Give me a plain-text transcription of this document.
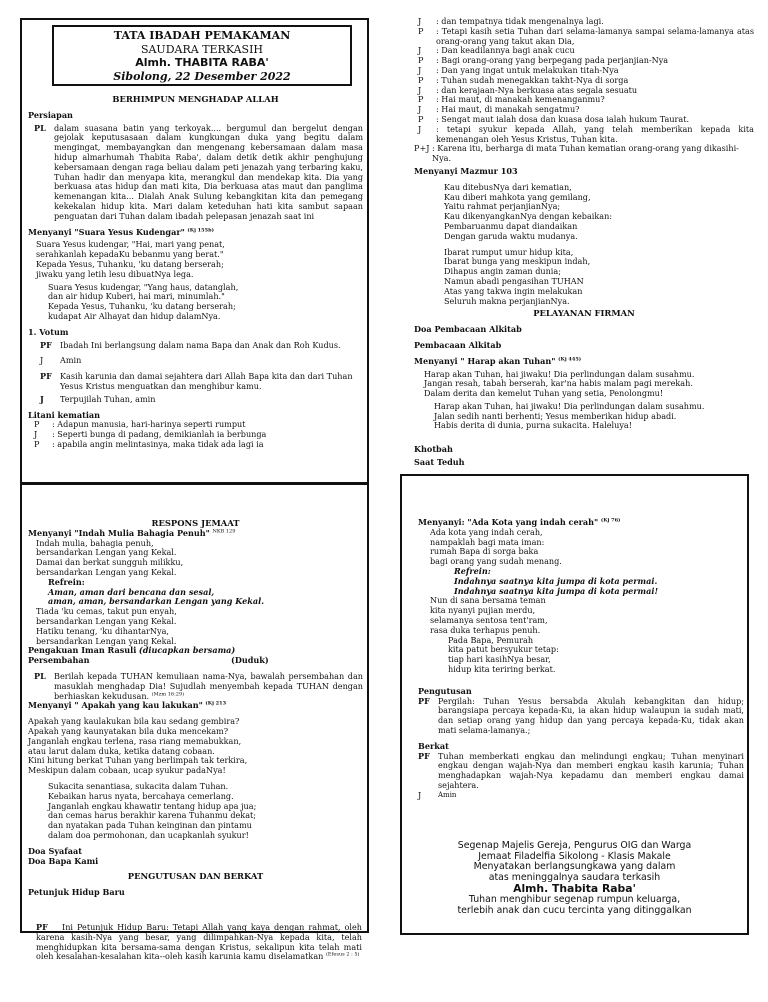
TATA IBADAH PEMAKAMAN
SAUDARA TERKASIH
Almh. THABITA RABA'
Sibolong, 22 Desember 2022
BERHIMPUN MENGHADAP ALLAH
Persiapan
PL	dalam suasana batin yang terkoyak.... bergumul dan bergelut dengan gejolak keputusasaan dalam kungkungan duka yang begitu dalam mengingat, membayangkan dan mengenang kebersamaan dalam masa hidup almarhumah Thabita Raba', dalam detik detik akhir penghujung kebersamaan dengan raga beliau dalam peti jenazah yang terbaring kaku, Tuhan hadir dan menyapa kita, merangkul dan mendekap kita. Dia yang berkuasa atas hidup dan mati kita, Dia berkuasa atas maut dan panglima kemenangan kita... Dialah Anak Sulung kebangkitan kita dan pemegang kekekalan hidup kita. Mari dalam keteduhan hati kita sambut sapaan penguatan dari Tuhan dalam ibadah pelepasan jenazah saat ini
Menyanyi "Suara Yesus Kudengar" $^{(Kj 155b)}$
Suara Yesus kudengar, "Hai, mari yang penat,
serahkanlah kepadaKu bebanmu yang berat."
Kepada Yesus, Tuhanku, 'ku datang berserah;
jiwaku yang letih lesu dibuatNya lega.
Suara Yesus kudengar, "Yang haus, datanglah,
dan air hidup Kuberi, hai mari, minumlah."
Kepada Yesus, Tuhanku, 'ku datang berserah;
kudapat Air Alhayat dan hidup dalamNya.
1. Votum
PF	Ibadah Ini berlangsung dalam nama Bapa dan Anak dan Roh Kudus.
J	Amin
PF	Kasih karunia dan damai sejahtera dari Allah Bapa kita dan dari Tuhan Yesus Kristus menguatkan dan menghibur kamu.
J	Terpujilah Tuhan, amin
Litani kematian
P	: Adapun manusia, hari-harinya seperti rumput
J	: Seperti bunga di padang, demikianlah ia berbunga
P	: apabila angin melintasinya, maka tidak ada lagi ia
J	: dan tempatnya tidak mengenalnya lagi.
P	: Tetapi kasih setia Tuhan dari selama-lamanya sampai selama-lamanya atas orang-orang yang takut akan Dia,
J	: Dan keadilannya bagi anak cucu
P	: Bagi orang-orang yang berpegang pada perjanjian-Nya
J	: Dan yang ingat untuk melakukan titah-Nya
P	: Tuhan sudah menegakkan takht-Nya di sorga
J	: dan kerajaan-Nya berkuasa atas segala sesuatu
P	: Hai maut, di manakah kemenanganmu?
J	: Hai maut, di manakah sengatmu?
P	: Sengat maut ialah dosa dan kuasa dosa ialah hukum Taurat.
J	: tetapi syukur kepada Allah, yang telah memberikan kepada kita kemenangan oleh Yesus Kristus, Tuhan kita.
P+J : Karena itu, berharga di mata Tuhan kematian orang-orang yang dikasihi-Nya.
Menyanyi Mazmur 103
Kau ditebusNya dari kematian,
Kau diberi mahkota yang gemilang,
Yaitu rahmat perjanjianNya;
Kau dikenyangkanNya dengan kebaikan:
Pembaruanmu dapat diandaikan
Dengan garuda waktu mudanya.
Ibarat rumput umur hidup kita,
Ibarat bunga yang meskipun indah,
Dihapus angin zaman dunia;
Namun abadi pengasihan TUHAN
Atas yang takwa ingin melakukan
Seluruh makna perjanjianNya.
PELAYANAN FIRMAN
Doa Pembacaan Alkitab
Pembacaan Alkitab
Menyanyi " Harap akan Tuhan" $^{(Kj 445)}$
Harap akan Tuhan, hai jiwaku! Dia perlindungan dalam susahmu.
Jangan resah, tabah berserah, kar'na habis malam pagi merekah.
Dalam derita dan kemelut Tuhan yang setia, Penolongmu!
Harap akan Tuhan, hai jiwaku! Dia perlindungan dalam susahmu.
Jalan sedih nanti berhenti; Yesus memberikan hidup abadi.
Habis derita di dunia, purna sukacita. Haleluya!
Khotbah
Saat Teduh
RESPONS JEMAAT
Menyanyi "Indah Mulia Bahagia Penuh" $^{NKB 129}$
Indah mulia, bahagia penuh,
bersandarkan Lengan yang Kekal.
Damai dan berkat sungguh milikku,
bersandarkan Lengan yang Kekal.
Refrein:
Aman, aman dari bencana dan sesal,
aman, aman, bersandarkan Lengan yang Kekal.
Tiada 'ku cemas, takut pun enyah,
bersandarkan Lengan yang Kekal.
Hatiku tenang, 'ku dihantarNya,
bersandarkan Lengan yang Kekal.
Pengakuan Iman Rasuli (diucapkan bersama)
Persembahan	(Duduk)
PL	Berilah kepada TUHAN kemuliaan nama-Nya, bawalah persembahan dan masuklah menghadap Dia! Sujudlah menyembah kepada TUHAN dengan berhiaskan kekudusan. $^{(Mzm 16:29)}$
Menyanyi " Apakah yang kau lakukan" $^{(Kj 213}$
Apakah yang kaulakukan bila kau sedang gembira?
Apakah yang kaunyatakan bila duka mencekam?
Janganlah engkau terlena, rasa riang memabukkan,
atau larut dalam duka, ketika datang cobaan.
Kini hitung berkat Tuhan yang berlimpah tak terkira,
Meskipun dalam cobaan, ucap syukur padaNya!
Sukacita senantiasa, sukacita dalam Tuhan.
Kebaikan harus nyata, bercahaya cemerlang.
Janganlah engkau khawatir tentang hidup apa jua;
dan cemas harus berakhir karena Tuhanmu dekat;
dan nyatakan pada Tuhan keinginan dan pintamu
dalam doa permohonan, dan ucapkanlah syukur!
Doa Syafaat
Doa Bapa Kami
PENGUTUSAN DAN BERKAT
Petunjuk Hidup Baru
PF Ini Petunjuk Hidup Baru: Tetapi Allah yang kaya dengan rahmat, oleh karena kasih-Nya yang besar, yang dilimpahkan-Nya kepada kita, telah menghidupkan kita bersama-sama dengan Kristus, sekalipun kita telah mati oleh kesalahan-kesalahan kita--oleh kasih karunia kamu diselamatkan $^{(Efesus 2 : 5)}$
Menyanyi: "Ada Kota yang indah cerah" $^{(Kj 76)}$
Ada kota yang indah cerah,
nampaklah bagi mata iman:
rumah Bapa di sorga baka
bagi orang yang sudah menang.
Refrein:
Indahnya saatnya kita jumpa di kota permai.
Indahnya saatnya kita jumpa di kota permai!
Nun di sana bersama teman
kita nyanyi pujian merdu,
selamanya sentosa tent'ram,
rasa duka terhapus penuh.
Pada Bapa, Pemurah
kita patut bersyukur tetap:
tiap hari kasihNya besar,
hidup kita teriring berkat.
Pengutusan
PF	Pergilah: Tuhan Yesus bersabda Akulah kebangkitan dan hidup; barangsiapa percaya kepada-Ku, ia akan hidup walaupun ia sudah mati, dan setiap orang yang hidup dan yang percaya kepada-Ku, tidak akan mati selama-lamanya.;
Berkat
PF	Tuhan memberkati engkau dan melindungi engkau; Tuhan menyinari engkau dengan wajah-Nya dan memberi engkau kasih karunia; Tuhan menghadapkan wajah-Nya kepadamu dan memberi engkau damai sejahtera.
J	Amin
Segenap Majelis Gereja, Pengurus OIG dan Warga
Jemaat Filadelfia Sikolong - Klasis Makale
Menyatakan berlangsungkawa yang dalam
atas meninggalnya saudara terkasih
Almh. Thabita Raba'
Tuhan menghibur segenap rumpun keluarga,
terlebih anak dan cucu tercinta yang ditinggalkan
